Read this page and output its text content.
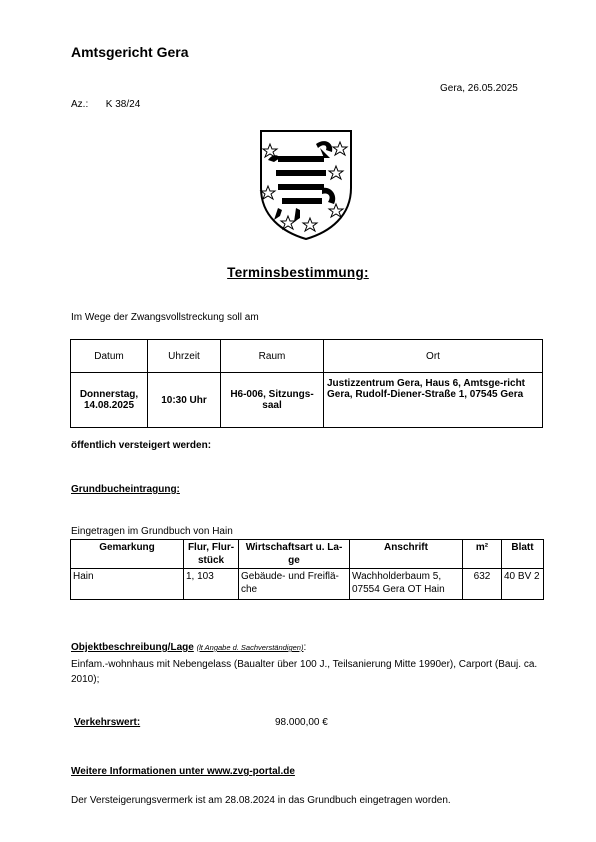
Amtsgericht Gera
Gera, 26.05.2025
Az.: K 38/24
Terminsbestimmung:
Im Wege der Zwangsvollstreckung soll am
Datum	Uhrzeit	Raum	Ort
Donnerstag, 14.08.2025	10:30 Uhr	H6-006, Sitzungs-saal	Justizzentrum Gera, Haus 6, Amtsge-richt Gera, Rudolf-Diener-Straße 1, 07545 Gera
öffentlich versteigert werden:
Grundbucheintragung:
Eingetragen im Grundbuch von Hain
Gemarkung	Flur, Flur-stück	Wirtschaftsart u. La-ge	Anschrift	m²	Blatt
Hain	1, 103	Gebäude- und Freiflä-che	Wachholderbaum 5, 07554 Gera OT Hain	632	40 BV 2
Objektbeschreibung/Lage (lt Angabe d. Sachverständigen):
Einfam.-wohnhaus mit Nebengelass (Baualter über 100 J., Teilsanierung Mitte 1990er), Carport (Bauj. ca. 2010);
Verkehrswert:	98.000,00 €
Weitere Informationen unter www.zvg-portal.de
Der Versteigerungsvermerk ist am 28.08.2024 in das Grundbuch eingetragen worden.
